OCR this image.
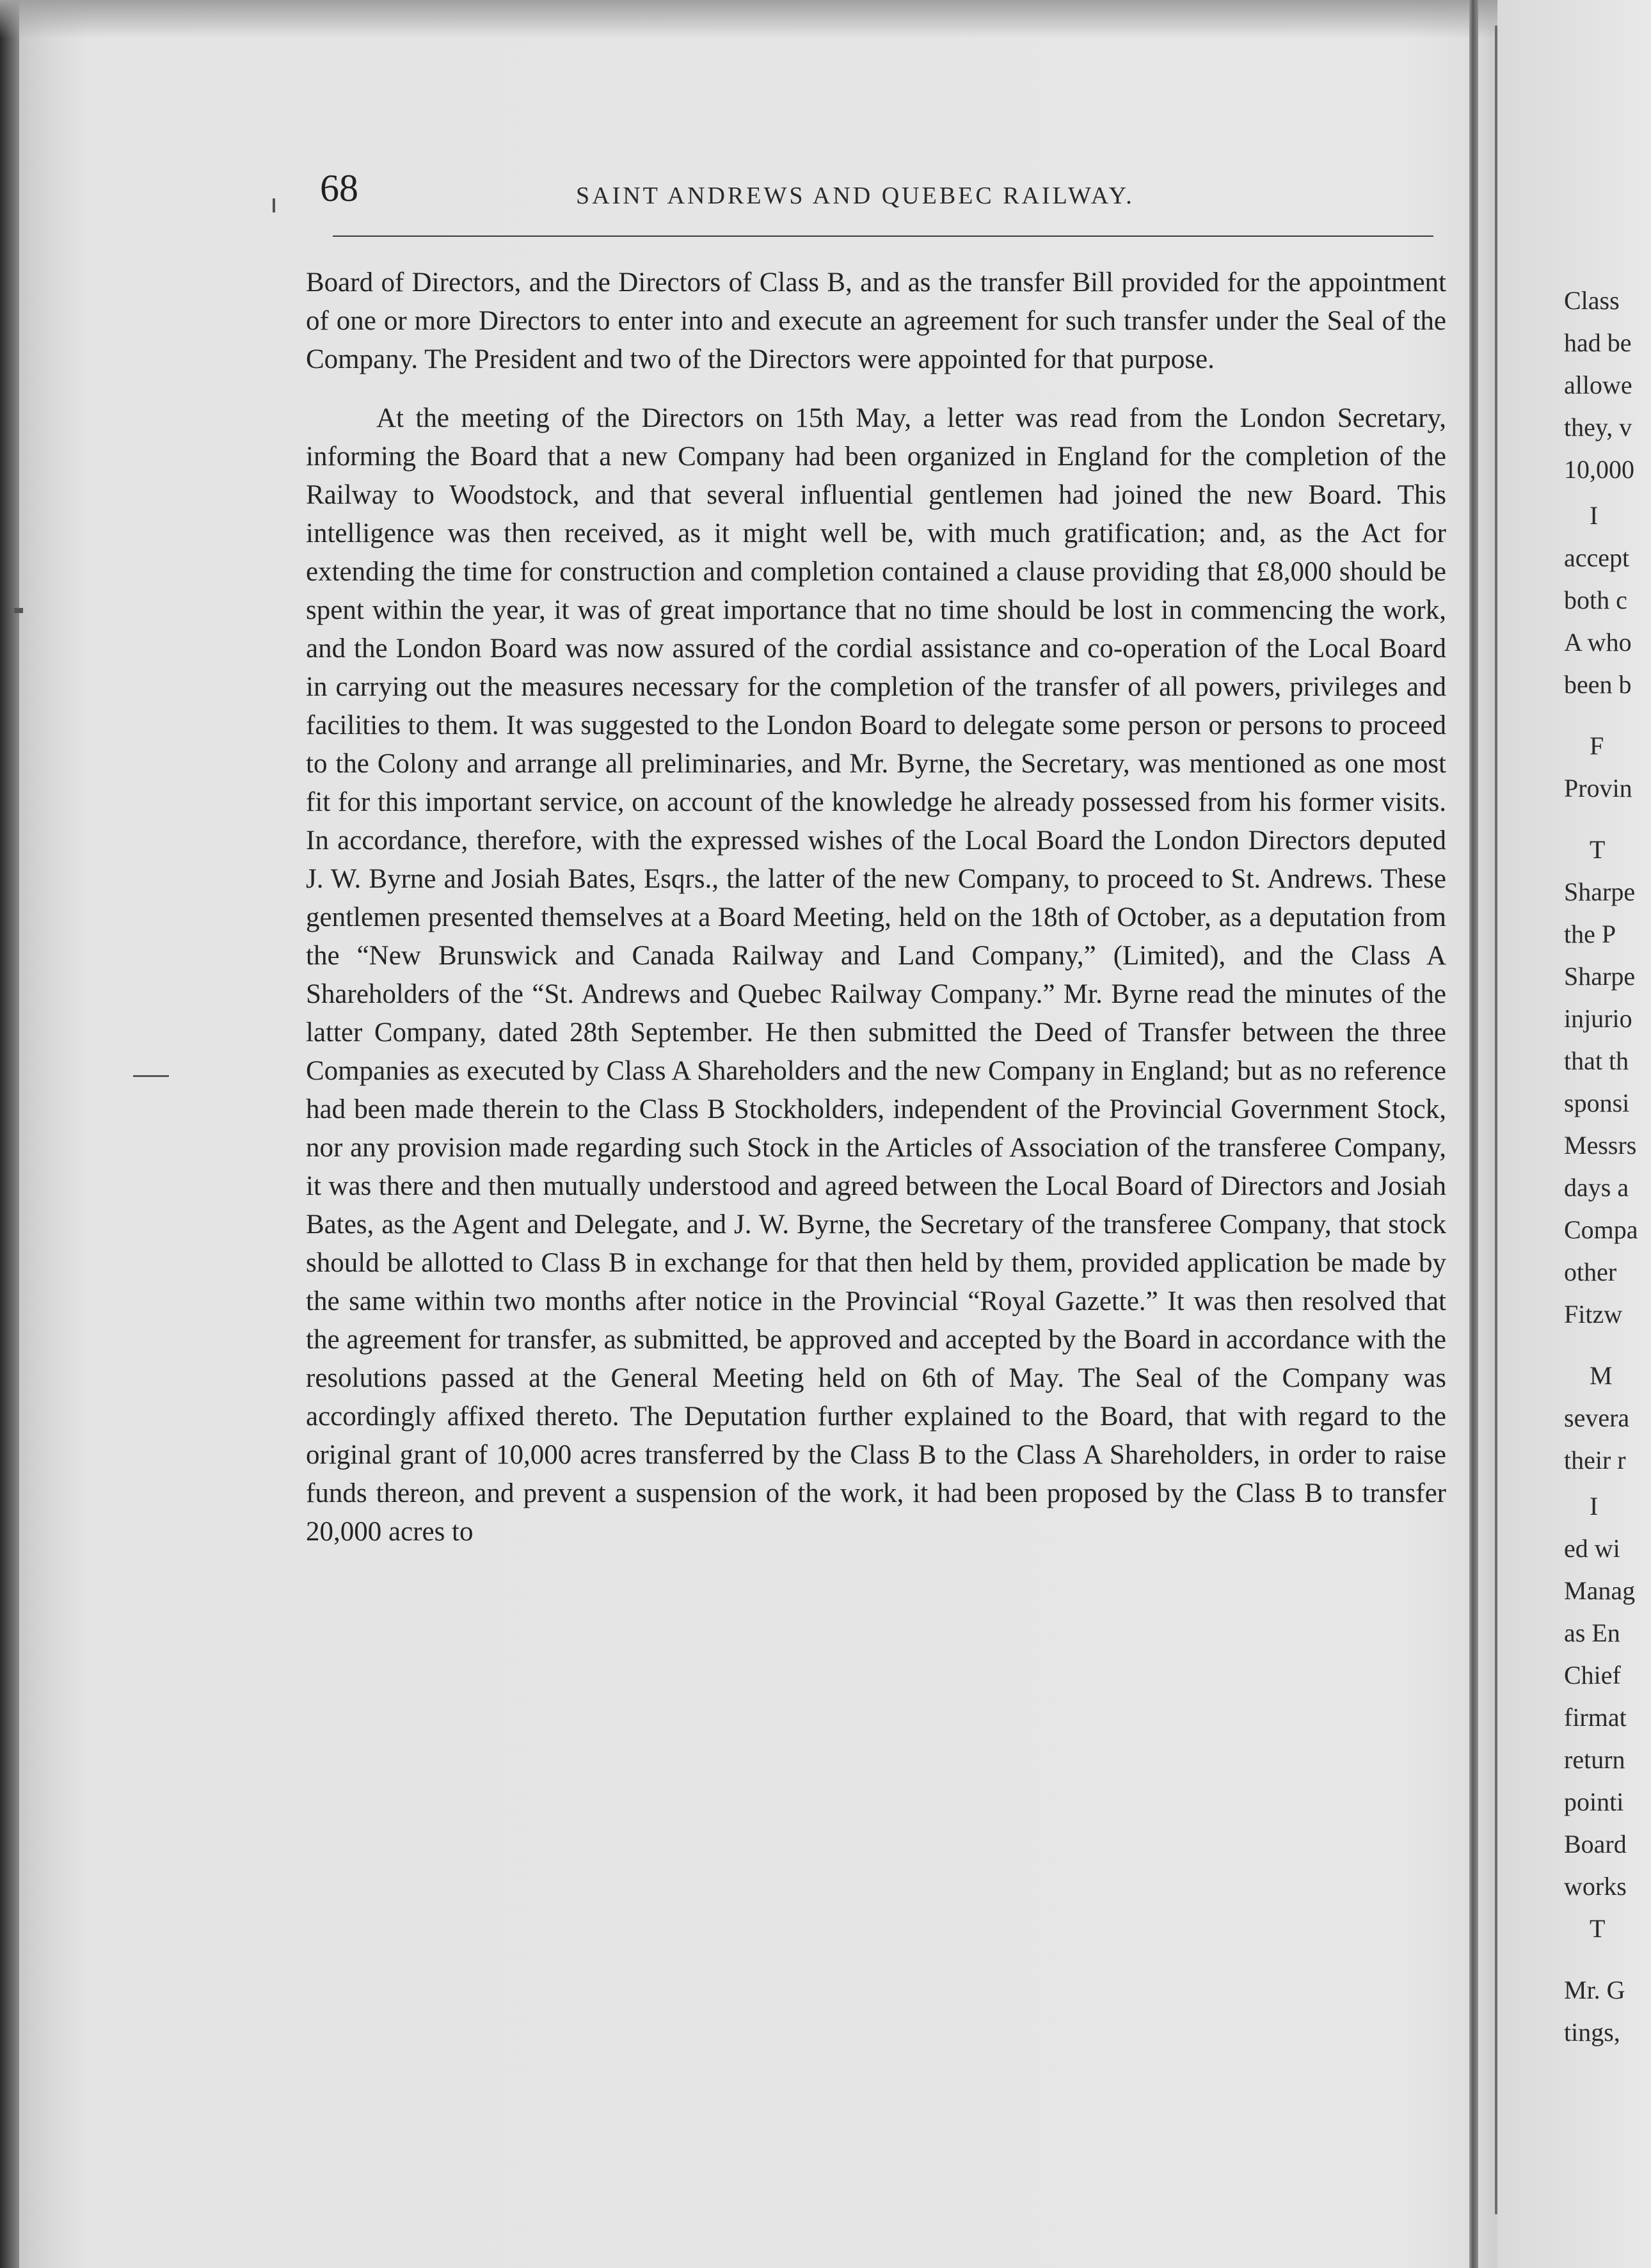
68	SAINT ANDREWS AND QUEBEC RAILWAY.

Board of Directors, and the Directors of Class B, and as the transfer Bill provided for the appointment of one or more Directors to enter into and execute an agreement for such transfer under the Seal of the Company. The President and two of the Directors were appointed for that purpose.

At the meeting of the Directors on 15th May, a letter was read from the London Secretary, informing the Board that a new Company had been organized in England for the completion of the Railway to Woodstock, and that several influential gentlemen had joined the new Board. This intelligence was then received, as it might well be, with much gratification; and, as the Act for extending the time for construction and completion contained a clause providing that £8,000 should be spent within the year, it was of great importance that no time should be lost in commencing the work, and the London Board was now assured of the cordial assistance and co-operation of the Local Board in carrying out the measures necessary for the completion of the transfer of all powers, privileges and facilities to them. It was suggested to the London Board to delegate some person or persons to proceed to the Colony and arrange all preliminaries, and Mr. Byrne, the Secretary, was mentioned as one most fit for this important service, on account of the knowledge he already possessed from his former visits. In accordance, therefore, with the expressed wishes of the Local Board the London Directors deputed J. W. Byrne and Josiah Bates, Esqrs., the latter of the new Company, to proceed to St. Andrews. These gentlemen presented themselves at a Board Meeting, held on the 18th of October, as a deputation from the “New Brunswick and Canada Railway and Land Company,” (Limited), and the Class A Shareholders of the “St. Andrews and Quebec Railway Company.” Mr. Byrne read the minutes of the latter Company, dated 28th September. He then submitted the Deed of Transfer between the three Companies as executed by Class A Shareholders and the new Company in England; but as no reference had been made therein to the Class B Stockholders, independent of the Provincial Government Stock, nor any provision made regarding such Stock in the Articles of Association of the transferee Company, it was there and then mutually understood and agreed between the Local Board of Directors and Josiah Bates, as the Agent and Delegate, and J. W. Byrne, the Secretary of the transferee Company, that stock should be allotted to Class B in exchange for that then held by them, provided application be made by the same within two months after notice in the Provincial “Royal Gazette.” It was then resolved that the agreement for transfer, as submitted, be approved and accepted by the Board in accordance with the resolutions passed at the General Meeting held on 6th of May. The Seal of the Company was accordingly affixed thereto. The Deputation further explained to the Board, that with regard to the original grant of 10,000 acres transferred by the Class B to the Class A Shareholders, in order to raise funds thereon, and prevent a suspension of the work, it had been proposed by the Class B to transfer 20,000 acres to

Class
had be
allowe
they, v
10,000
I
accept
both c
A who
been b
F
Provin
T
Sharpe
the P
Sharpe
injurio
that th
sponsi
Messrs
days a
Compa
other
Fitzw
M
severa
their r
I
ed wi
Manag
as En
Chief
firmat
return
pointi
Board
works
T
Mr. G
tings,
